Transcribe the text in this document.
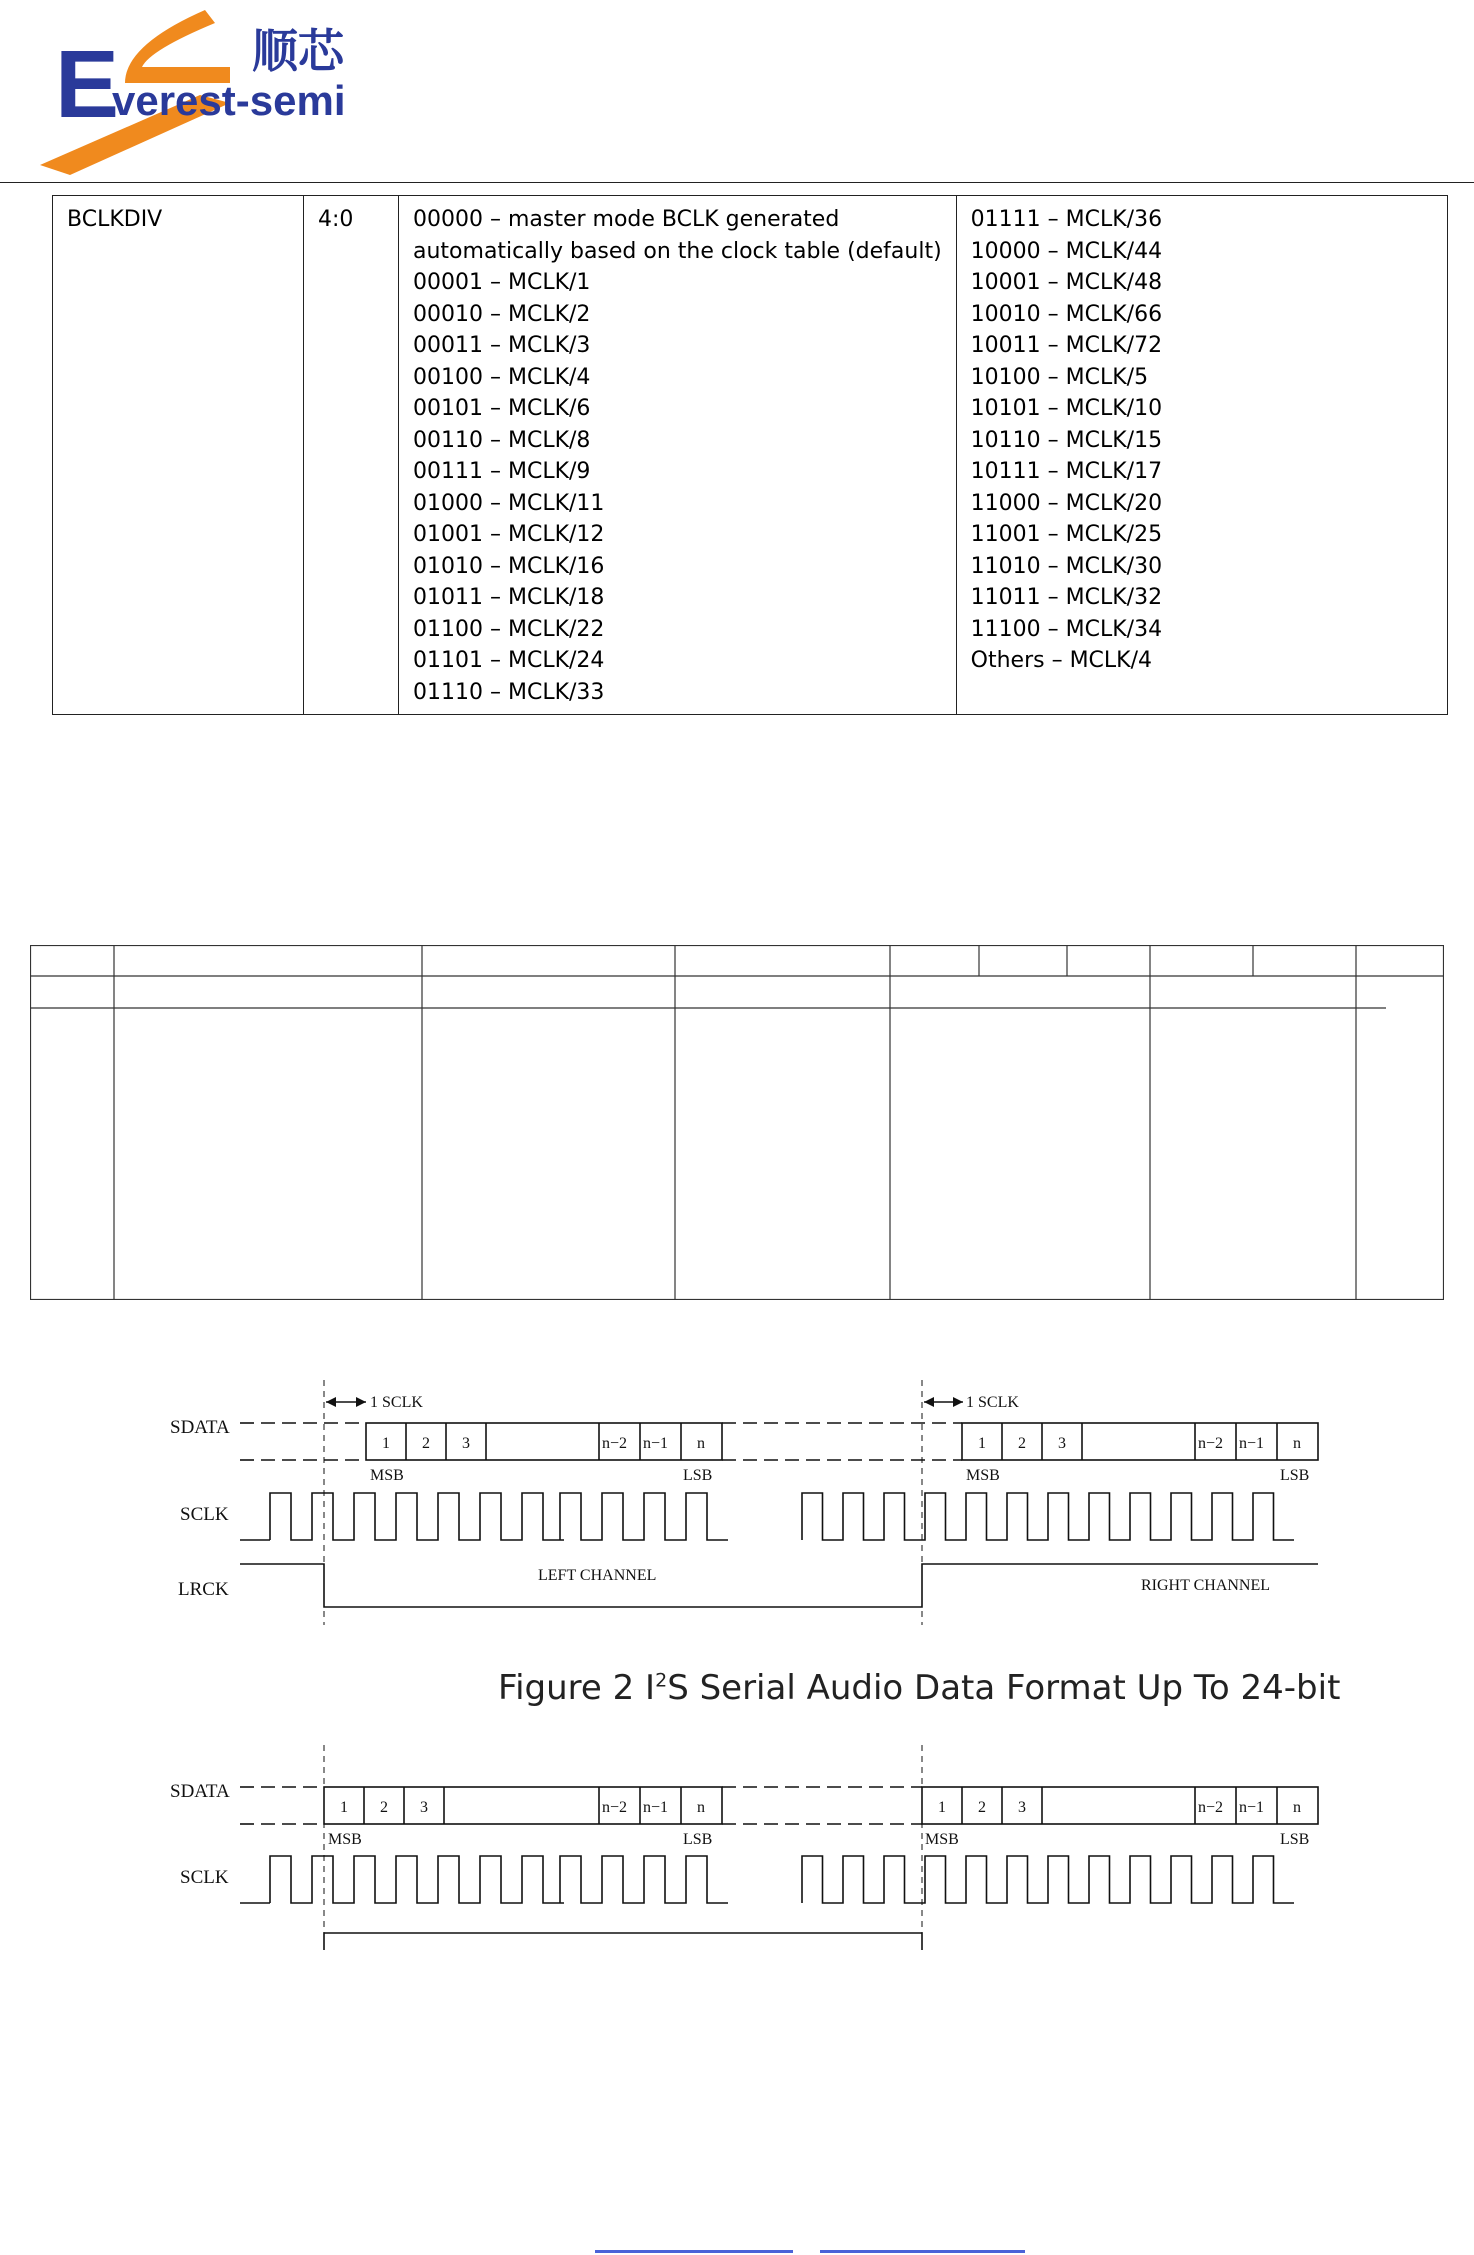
E
verest-semi
顺芯
BCLKDIV	4:0	00000 – master mode BCLK generated
automatically based on the clock table (default)
00001 – MCLK/1
00010 – MCLK/2
00011 – MCLK/3
00100 – MCLK/4
00101 – MCLK/6
00110 – MCLK/8
00111 – MCLK/9
01000 – MCLK/11
01001 – MCLK/12
01010 – MCLK/16
01011 – MCLK/18
01100 – MCLK/22
01101 – MCLK/24
01110 – MCLK/33

01111 – MCLK/36
10000 – MCLK/44
10001 – MCLK/48
10010 – MCLK/66
10011 – MCLK/72
10100 – MCLK/5
10101 – MCLK/10
10110 – MCLK/15
10111 – MCLK/17
11000 – MCLK/20
11001 – MCLK/25
11010 – MCLK/30
11011 – MCLK/32
11100 – MCLK/34
Others – MCLK/4
SDATA
SCLK
LRCK
1 SCLK	1 SCLK
1 2 3	n−2 n−1 n	1 2 3	n−2 n−1 n
MSB	LSB	MSB	LSB
LEFT CHANNEL
RIGHT CHANNEL
Figure 2 $I^2S$ Serial Audio Data Format Up To 24-bit
SDATA
SCLK
1 2 3	n−2 n−1 n	1 2 3	n−2 n−1 n
MSB	LSB	MSB	LSB
